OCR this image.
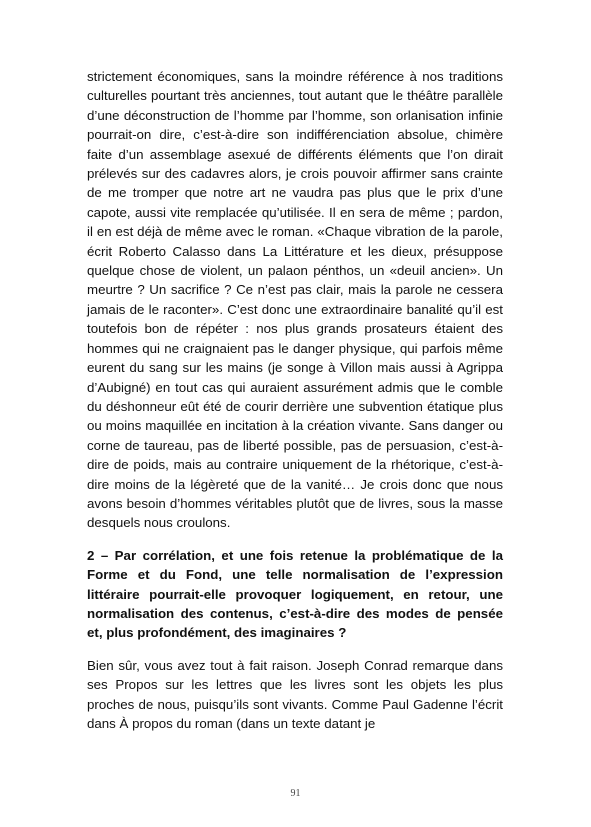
strictement économiques, sans la moindre référence à nos traditions culturelles pourtant très anciennes, tout autant que le théâtre parallèle d’une déconstruction de l’homme par l’homme, son orlanisation infinie pourrait-on dire, c’est-à-dire son indifférenciation absolue, chimère faite d’un assemblage asexué de différents éléments que l’on dirait prélevés sur des cadavres alors, je crois pouvoir affirmer sans crainte de me tromper que notre art ne vaudra pas plus que le prix d’une capote, aussi vite remplacée qu’utilisée. Il en sera de même ; pardon, il en est déjà de même avec le roman. «Chaque vibration de la parole, écrit Roberto Calasso dans La Littérature et les dieux, présuppose quelque chose de violent, un palaon pénthos, un «deuil ancien». Un meurtre ? Un sacrifice ? Ce n’est pas clair, mais la parole ne cessera jamais de le raconter». C’est donc une extraordinaire banalité qu’il est toutefois bon de répéter : nos plus grands prosateurs étaient des hommes qui ne craignaient pas le danger physique, qui parfois même eurent du sang sur les mains (je songe à Villon mais aussi à Agrippa d’Aubigné) en tout cas qui auraient assurément admis que le comble du déshonneur eût été de courir derrière une subvention étatique plus ou moins maquillée en incitation à la création vivante. Sans danger ou corne de taureau, pas de liberté possible, pas de persuasion, c’est-à-dire de poids, mais au contraire uniquement de la rhétorique, c’est-à-dire moins de la légèreté que de la vanité… Je crois donc que nous avons besoin d’hommes véritables plutôt que de livres, sous la masse desquels nous croulons.

2 – Par corrélation, et une fois retenue la problématique de la Forme et du Fond, une telle normalisation de l’expression littéraire pourrait-elle provoquer logiquement, en retour, une normalisation des contenus, c’est-à-dire des modes de pensée et, plus profondément, des imaginaires ?

Bien sûr, vous avez tout à fait raison. Joseph Conrad remarque dans ses Propos sur les lettres que les livres sont les objets les plus proches de nous, puisqu’ils sont vivants. Comme Paul Gadenne l’écrit dans À propos du roman (dans un texte datant je

91
